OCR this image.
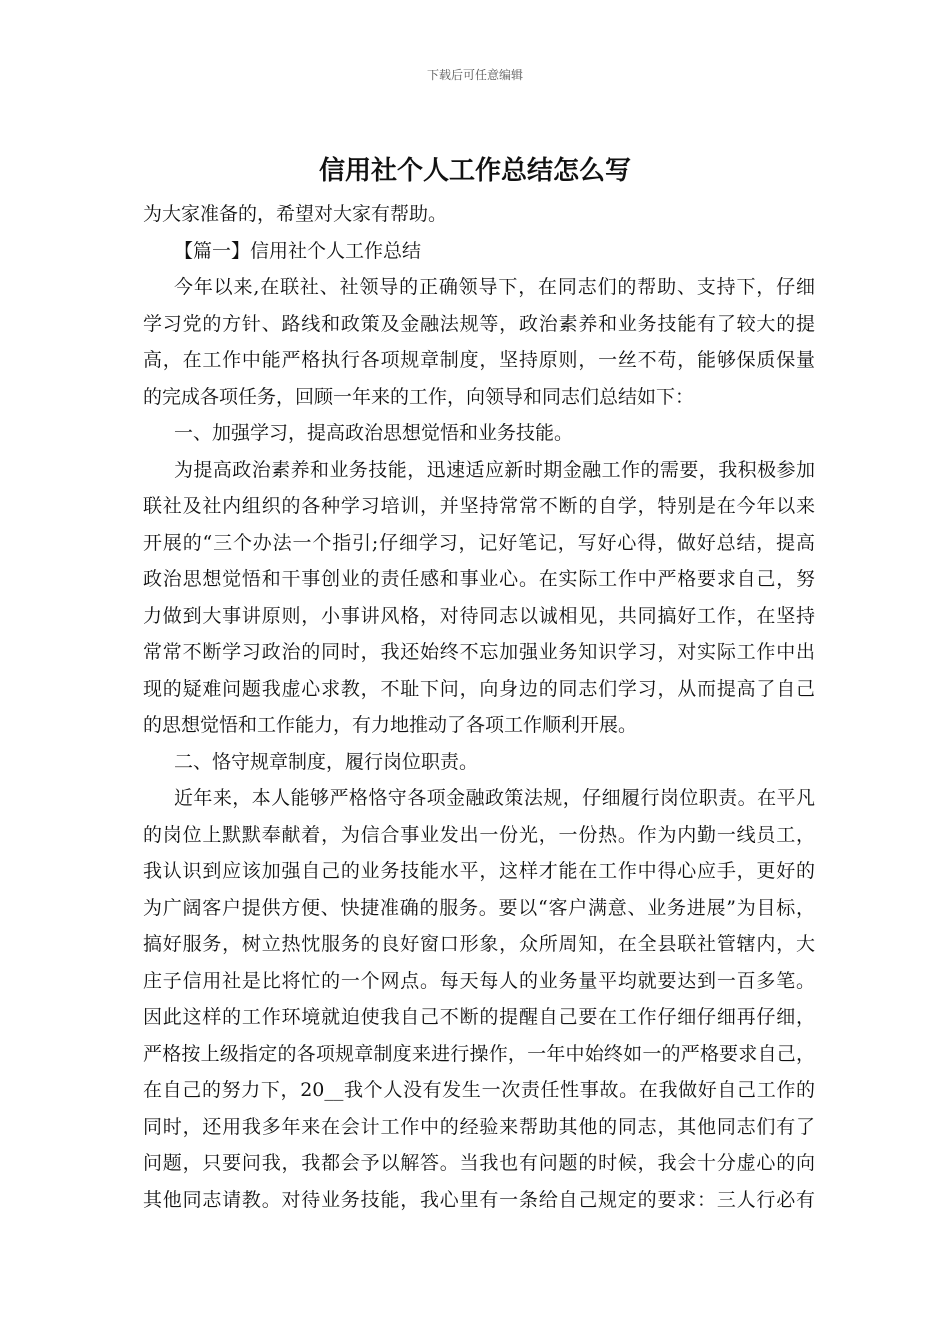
下载后可任意编辑
信用社个人工作总结怎么写
为大家准备的，希望对大家有帮助。
【篇一】信用社个人工作总结
今年以来,在联社、社领导的正确领导下，在同志们的帮助、支持下，仔细
学习党的方针、路线和政策及金融法规等，政治素养和业务技能有了较大的提
高，在工作中能严格执行各项规章制度，坚持原则，一丝不苟，能够保质保量
的完成各项任务，回顾一年来的工作，向领导和同志们总结如下：
一、加强学习，提高政治思想觉悟和业务技能。
为提高政治素养和业务技能，迅速适应新时期金融工作的需要，我积极参加
联社及社内组织的各种学习培训，并坚持常常不断的自学，特别是在今年以来
开展的“三个办法一个指引;仔细学习，记好笔记，写好心得，做好总结，提高
政治思想觉悟和干事创业的责任感和事业心。在实际工作中严格要求自己，努
力做到大事讲原则，小事讲风格，对待同志以诚相见，共同搞好工作，在坚持
常常不断学习政治的同时，我还始终不忘加强业务知识学习，对实际工作中出
现的疑难问题我虚心求教，不耻下问，向身边的同志们学习，从而提高了自己
的思想觉悟和工作能力，有力地推动了各项工作顺利开展。
二、恪守规章制度，履行岗位职责。
近年来，本人能够严格恪守各项金融政策法规，仔细履行岗位职责。在平凡
的岗位上默默奉献着，为信合事业发出一份光，一份热。作为内勤一线员工，
我认识到应该加强自己的业务技能水平，这样才能在工作中得心应手，更好的
为广阔客户提供方便、快捷准确的服务。要以“客户满意、业务进展”为目标，
搞好服务，树立热忱服务的良好窗口形象，众所周知，在全县联社管辖内，大
庄子信用社是比将忙的一个网点。每天每人的业务量平均就要达到一百多笔。
因此这样的工作环境就迫使我自己不断的提醒自己要在工作仔细仔细再仔细，
严格按上级指定的各项规章制度来进行操作，一年中始终如一的严格要求自己，
在自己的努力下，20__我个人没有发生一次责任性事故。在我做好自己工作的
同时，还用我多年来在会计工作中的经验来帮助其他的同志，其他同志们有了
问题，只要问我，我都会予以解答。当我也有问题的时候，我会十分虚心的向
其他同志请教。对待业务技能，我心里有一条给自己规定的要求：三人行必有
